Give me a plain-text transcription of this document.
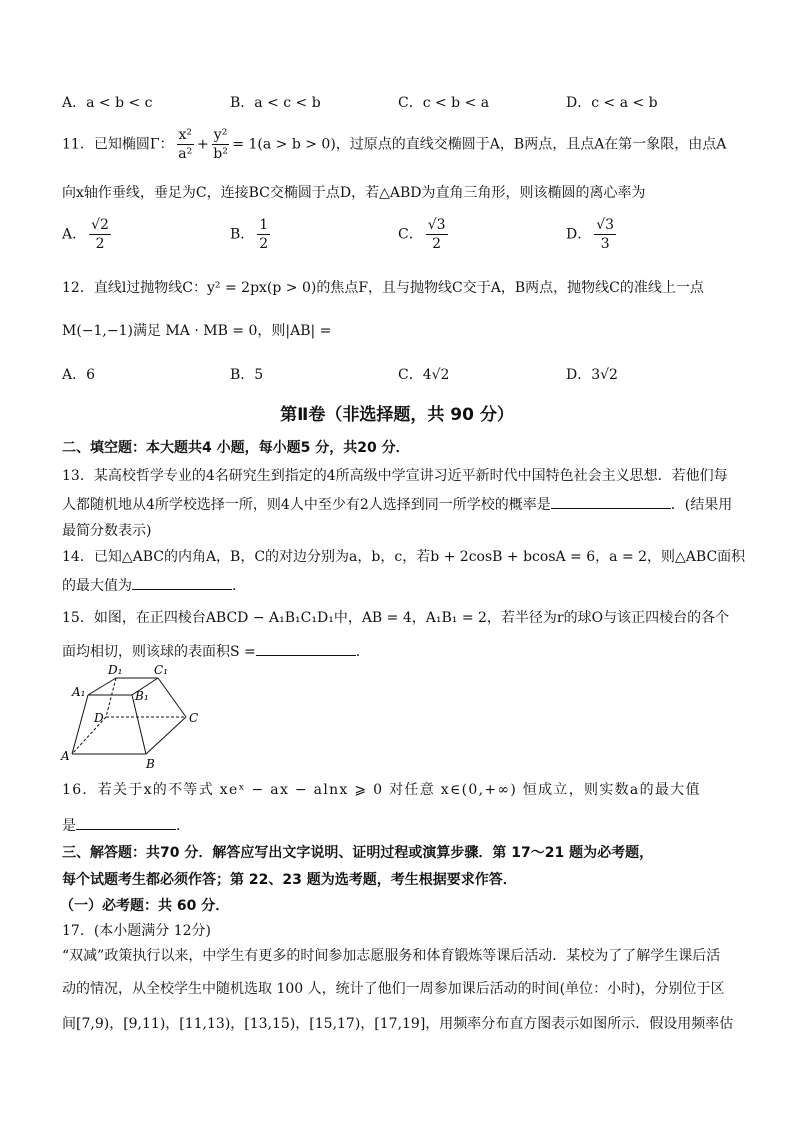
A．a < b < c	B．a < c < b	C．c < b < a	D．c < a < b
11．已知椭圆Γ： $\frac{\text{x²}}{\text{a²}} + \frac{\text{y²}}{\text{b²}} = 1(a > b > 0)$，过原点的直线交椭圆于A，B两点，且点A在第一象限，由点A
向x轴作垂线，垂足为C，连接BC交椭圆于点D，若△ABD为直角三角形，则该椭圆的离心率为
A． $\frac{√2}{2}$	B． $\frac{1}{2}$	C． $\frac{√3}{2}$	D． $\frac{√3}{3}$
12．直线l过抛物线C：y² = 2px(p > 0)的焦点F，且与抛物线C交于A，B两点，抛物线C的准线上一点
M(−1,−1)满足 MA · MB = 0，则|AB| =
A．6	B．5	C．4√2	D．3√2
第Ⅱ卷（非选择题，共 90 分）
二、填空题：本大题共4 小题，每小题5 分，共20 分．
13．某高校哲学专业的4名研究生到指定的4所高级中学宣讲习近平新时代中国特色社会主义思想．若他们每
人都随机地从4所学校选择一所，则4人中至少有2人选择到同一所学校的概率是	．(结果用
最简分数表示)
14．已知△ABC的内角A，B，C的对边分别为a，b，c，若b + 2cosB + bcosA = 6，a = 2，则△ABC面积
的最大值为	．
15．如图，在正四棱台ABCD − A₁B₁C₁D₁中，AB = 4，A₁B₁ = 2，若半径为r的球O与该正四棱台的各个
面均相切，则该球的表面积S =	．
D₁	C₁
A₁	B₁
D	C
A
B
16．若关于x的不等式 xeˣ − ax − alnx ⩾ 0 对任意 x∈(0,+∞) 恒成立，则实数a的最大值
是	．
三、解答题：共70 分．解答应写出文字说明、证明过程或演算步骤．第 17～21 题为必考题，
每个试题考生都必须作答；第 22、23 题为选考题，考生根据要求作答．
（一）必考题：共 60 分．
17．(本小题满分 12分)
“双减”政策执行以来，中学生有更多的时间参加志愿服务和体育锻炼等课后活动．某校为了了解学生课后活
动的情况，从全校学生中随机选取 100 人，统计了他们一周参加课后活动的时间(单位：小时)，分别位于区
间[7,9)，[9,11)，[11,13)，[13,15)，[15,17)，[17,19]，用频率分布直方图表示如图所示．假设用频率估
